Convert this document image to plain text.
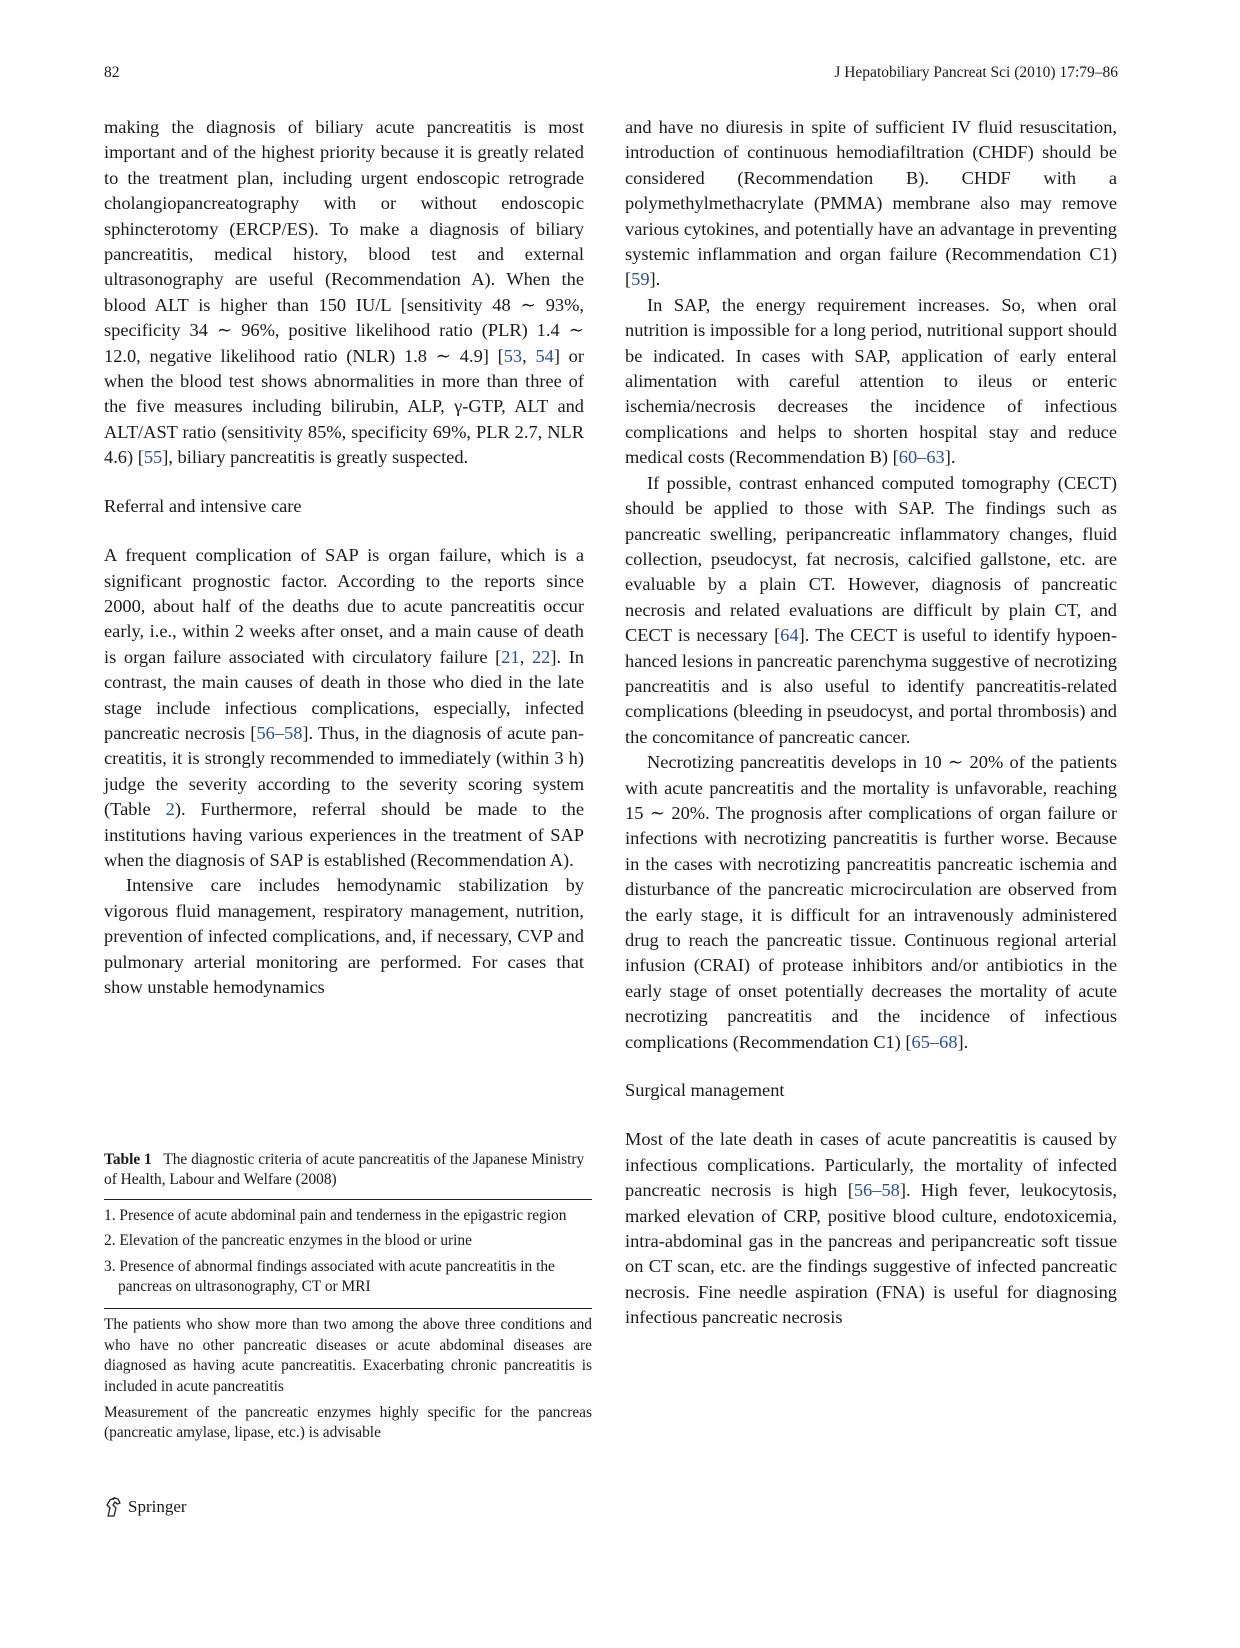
82	J Hepatobiliary Pancreat Sci (2010) 17:79–86

making the diagnosis of biliary acute pancreatitis is most important and of the highest priority because it is greatly related to the treatment plan, including urgent endoscopic retrograde cholangiopancreatography with or without endoscopic sphincterotomy (ERCP/ES). To make a diagnosis of biliary pancreatitis, medical history, blood test and external ultrasonography are useful (Recommendation A). When the blood ALT is higher than 150 IU/L [sensitivity 48 ∼ 93%, specificity 34 ∼ 96%, positive likelihood ratio (PLR) 1.4 ∼ 12.0, negative likelihood ratio (NLR) 1.8 ∼ 4.9] [53, 54] or when the blood test shows abnormalities in more than three of the five measures including bilirubin, ALP, γ-GTP, ALT and ALT/AST ratio (sensitivity 85%, specificity 69%, PLR 2.7, NLR 4.6) [55], biliary pancreatitis is greatly suspected.

Referral and intensive care

A frequent complication of SAP is organ failure, which is a significant prognostic factor. According to the reports since 2000, about half of the deaths due to acute pancreatitis occur early, i.e., within 2 weeks after onset, and a main cause of death is organ failure associated with circulatory failure [21, 22]. In contrast, the main causes of death in those who died in the late stage include infectious complications, especially, infected pancreatic necrosis [56–58]. Thus, in the diagnosis of acute pancreatitis, it is strongly recommended to immediately (within 3 h) judge the severity according to the severity scoring system (Table 2). Furthermore, referral should be made to the institutions having various experiences in the treatment of SAP when the diagnosis of SAP is established (Recommendation A).

Intensive care includes hemodynamic stabilization by vigorous fluid management, respiratory management, nutrition, prevention of infected complications, and, if necessary, CVP and pulmonary arterial monitoring are performed. For cases that show unstable hemodynamics

Table 1 The diagnostic criteria of acute pancreatitis of the Japanese Ministry of Health, Labour and Welfare (2008)
1. Presence of acute abdominal pain and tenderness in the epigastric region
2. Elevation of the pancreatic enzymes in the blood or urine
3. Presence of abnormal findings associated with acute pancreatitis in the pancreas on ultrasonography, CT or MRI
The patients who show more than two among the above three conditions and who have no other pancreatic diseases or acute abdominal diseases are diagnosed as having acute pancreatitis. Exacerbating chronic pancreatitis is included in acute pancreatitis
Measurement of the pancreatic enzymes highly specific for the pancreas (pancreatic amylase, lipase, etc.) is advisable

and have no diuresis in spite of sufficient IV fluid resuscitation, introduction of continuous hemodiafiltration (CHDF) should be considered (Recommendation B). CHDF with a polymethylmethacrylate (PMMA) membrane also may remove various cytokines, and potentially have an advantage in preventing systemic inflammation and organ failure (Recommendation C1) [59].

In SAP, the energy requirement increases. So, when oral nutrition is impossible for a long period, nutritional support should be indicated. In cases with SAP, application of early enteral alimentation with careful attention to ileus or enteric ischemia/necrosis decreases the incidence of infectious complications and helps to shorten hospital stay and reduce medical costs (Recommendation B) [60–63].

If possible, contrast enhanced computed tomography (CECT) should be applied to those with SAP. The findings such as pancreatic swelling, peripancreatic inflammatory changes, fluid collection, pseudocyst, fat necrosis, calcified gallstone, etc. are evaluable by a plain CT. However, diagnosis of pancreatic necrosis and related evaluations are difficult by plain CT, and CECT is necessary [64]. The CECT is useful to identify hypoenhanced lesions in pancreatic parenchyma suggestive of necrotizing pancreatitis and is also useful to identify pancreatitis-related complications (bleeding in pseudocyst, and portal thrombosis) and the concomitance of pancreatic cancer.

Necrotizing pancreatitis develops in 10 ∼ 20% of the patients with acute pancreatitis and the mortality is unfavorable, reaching 15 ∼ 20%. The prognosis after complications of organ failure or infections with necrotizing pancreatitis is further worse. Because in the cases with necrotizing pancreatitis pancreatic ischemia and disturbance of the pancreatic microcirculation are observed from the early stage, it is difficult for an intravenously administered drug to reach the pancreatic tissue. Continuous regional arterial infusion (CRAI) of protease inhibitors and/or antibiotics in the early stage of onset potentially decreases the mortality of acute necrotizing pancreatitis and the incidence of infectious complications (Recommendation C1) [65–68].

Surgical management

Most of the late death in cases of acute pancreatitis is caused by infectious complications. Particularly, the mortality of infected pancreatic necrosis is high [56–58]. High fever, leukocytosis, marked elevation of CRP, positive blood culture, endotoxicemia, intra-abdominal gas in the pancreas and peripancreatic soft tissue on CT scan, etc. are the findings suggestive of infected pancreatic necrosis. Fine needle aspiration (FNA) is useful for diagnosing infectious pancreatic necrosis

Springer
